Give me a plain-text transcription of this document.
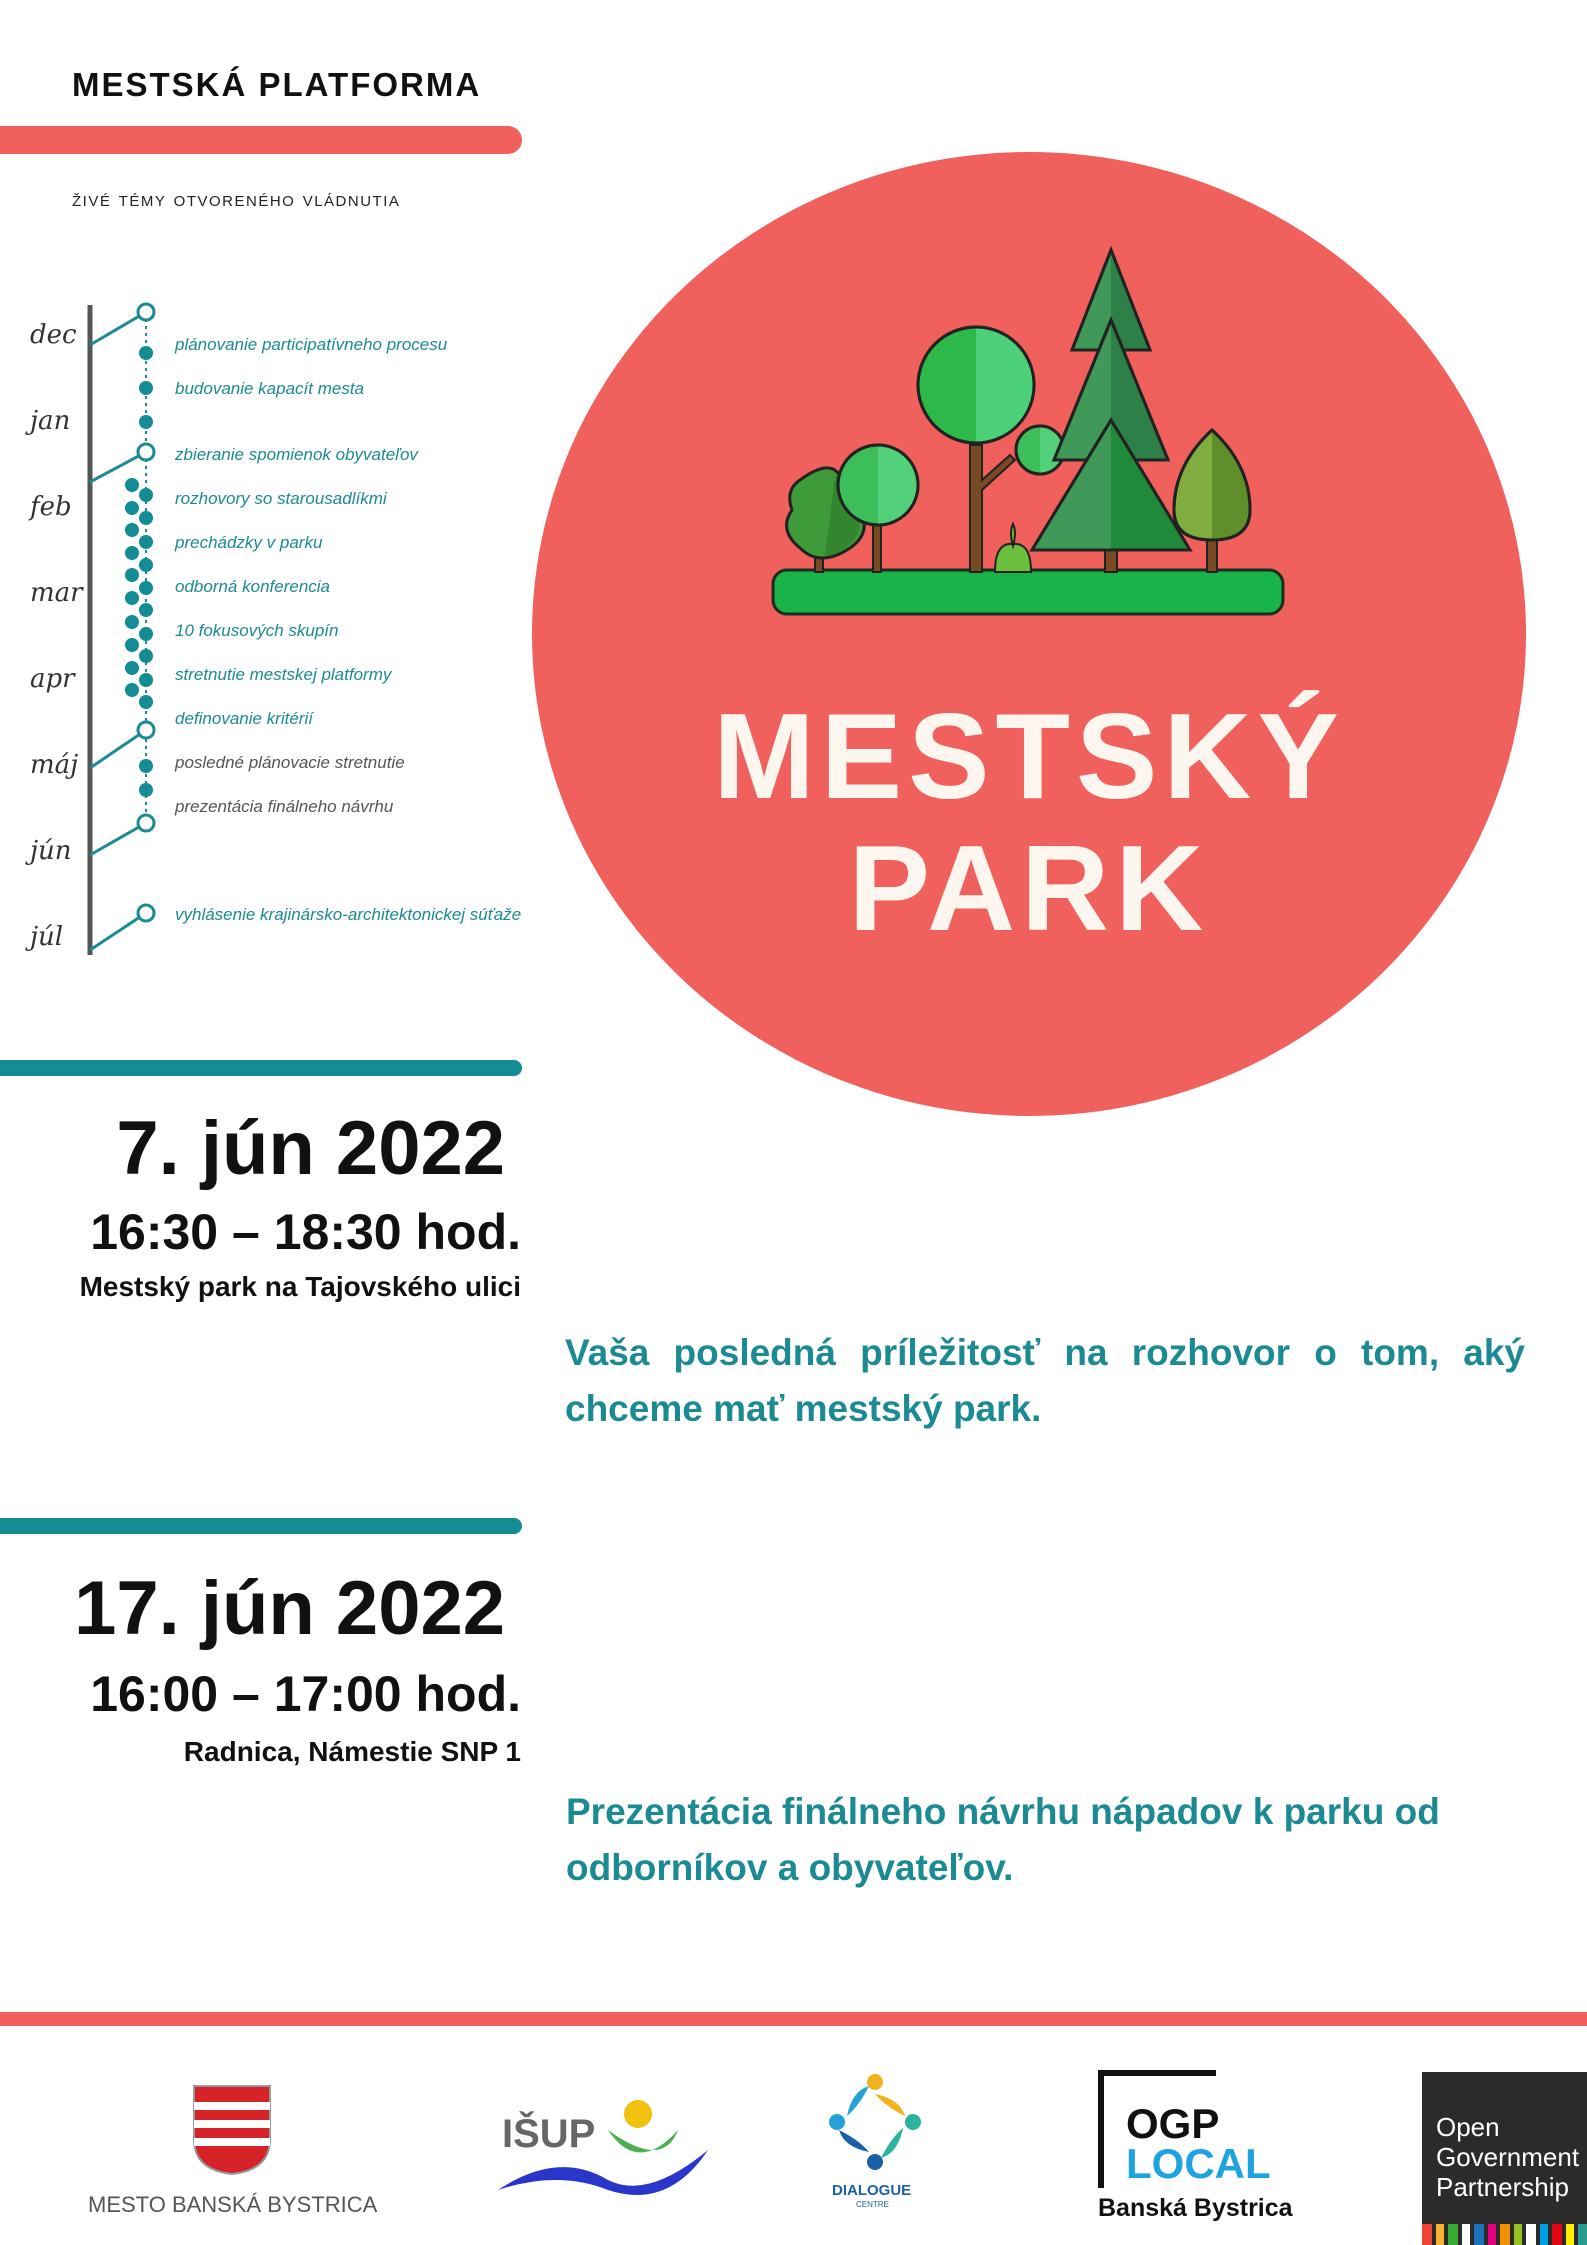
MESTSKÁ PLATFORMA
živé témy otvoreného vládnutia
dec
jan
feb
mar
apr
máj
jún
júl
plánovanie participatívneho procesu
budovanie kapacít mesta
zbieranie spomienok obyvateľov
rozhovory so starousadlíkmi
prechádzky v parku
odborná konferencia
10 fokusových skupín
stretnutie mestskej platformy
definovanie kritérií
posledné plánovacie stretnutie
prezentácia finálneho návrhu
vyhlásenie krajinársko-architektonickej súťaže
MESTSKÝ
PARK
7. jún 2022
16:30 – 18:30 hod.
Mestský park na Tajovského ulici
Vaša posledná príležitosť na rozhovor o tom, aký chceme mať mestský park.
17. jún 2022
16:00 – 17:00 hod.
Radnica, Námestie SNP 1
Prezentácia finálneho návrhu nápadov k parku od odborníkov a obyvateľov.
MESTO BANSKÁ BYSTRICA
IŠUP
DIALOGUE
CENTRE
OGP
LOCAL
Banská Bystrica
Open
Government
Partnership
